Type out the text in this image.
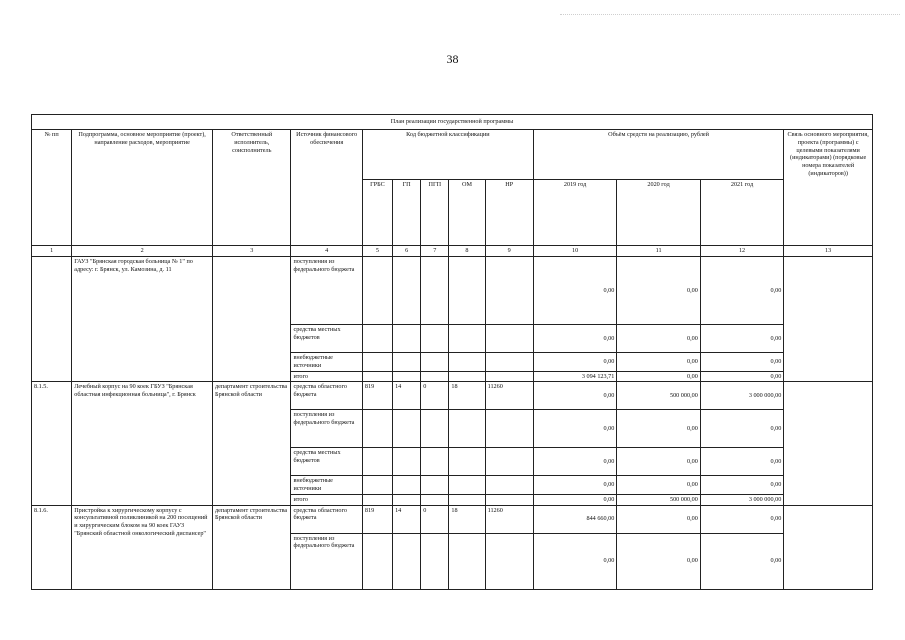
38
План реализации государственной программы												
№ пп	Подпрограмма, основное мероприятие (проект), направление расходов, мероприятие	Ответственный исполнитель, соисполнитель	Источник финансового обеспечения	Код бюджетной классификации					Объём средств на реализацию, рублей			Связь основного мероприятия, проекта (программы) с целевыми показателями (индикаторами) (порядковые номера показателей (индикаторов))
				ГРБС	ГП	ПГП	ОМ	НР	2019 год	2020 год	2021 год	
1	2	3	4	5	6	7	8	9	10	11	12	13
	ГАУЗ "Брянская городская больница № 1" по адресу: г. Брянск, ул. Камозина, д. 11		поступления из федерального бюджета						0,00	0,00	0,00	
			средства местных бюджетов						0,00	0,00	0,00	
			внебюджетные источники						0,00	0,00	0,00	
			итого						3 094 123,71	0,00	0,00	
8.1.5.	Лечебный корпус на 90 коек ГБУЗ "Брянская областная инфекционная больница", г. Брянск	департамент строительства Брянской области	средства областного бюджета	819	14	0	18	11260	0,00	500 000,00	3 000 000,00	
			поступления из федерального бюджета						0,00	0,00	0,00	
			средства местных бюджетов						0,00	0,00	0,00	
			внебюджетные источники						0,00	0,00	0,00	
			итого						0,00	500 000,00	3 000 000,00	
8.1.6.	Пристройка к хирургическому корпусу с консультативной поликлиникой на 200 посещений и хирургическим блоком на 90 коек ГАУЗ "Брянский областной онкологический диспансер"	департамент строительства Брянской области	средства областного бюджета	819	14	0	18	11260	844 660,00	0,00	0,00	
			поступления из федерального бюджета						0,00	0,00	0,00	
